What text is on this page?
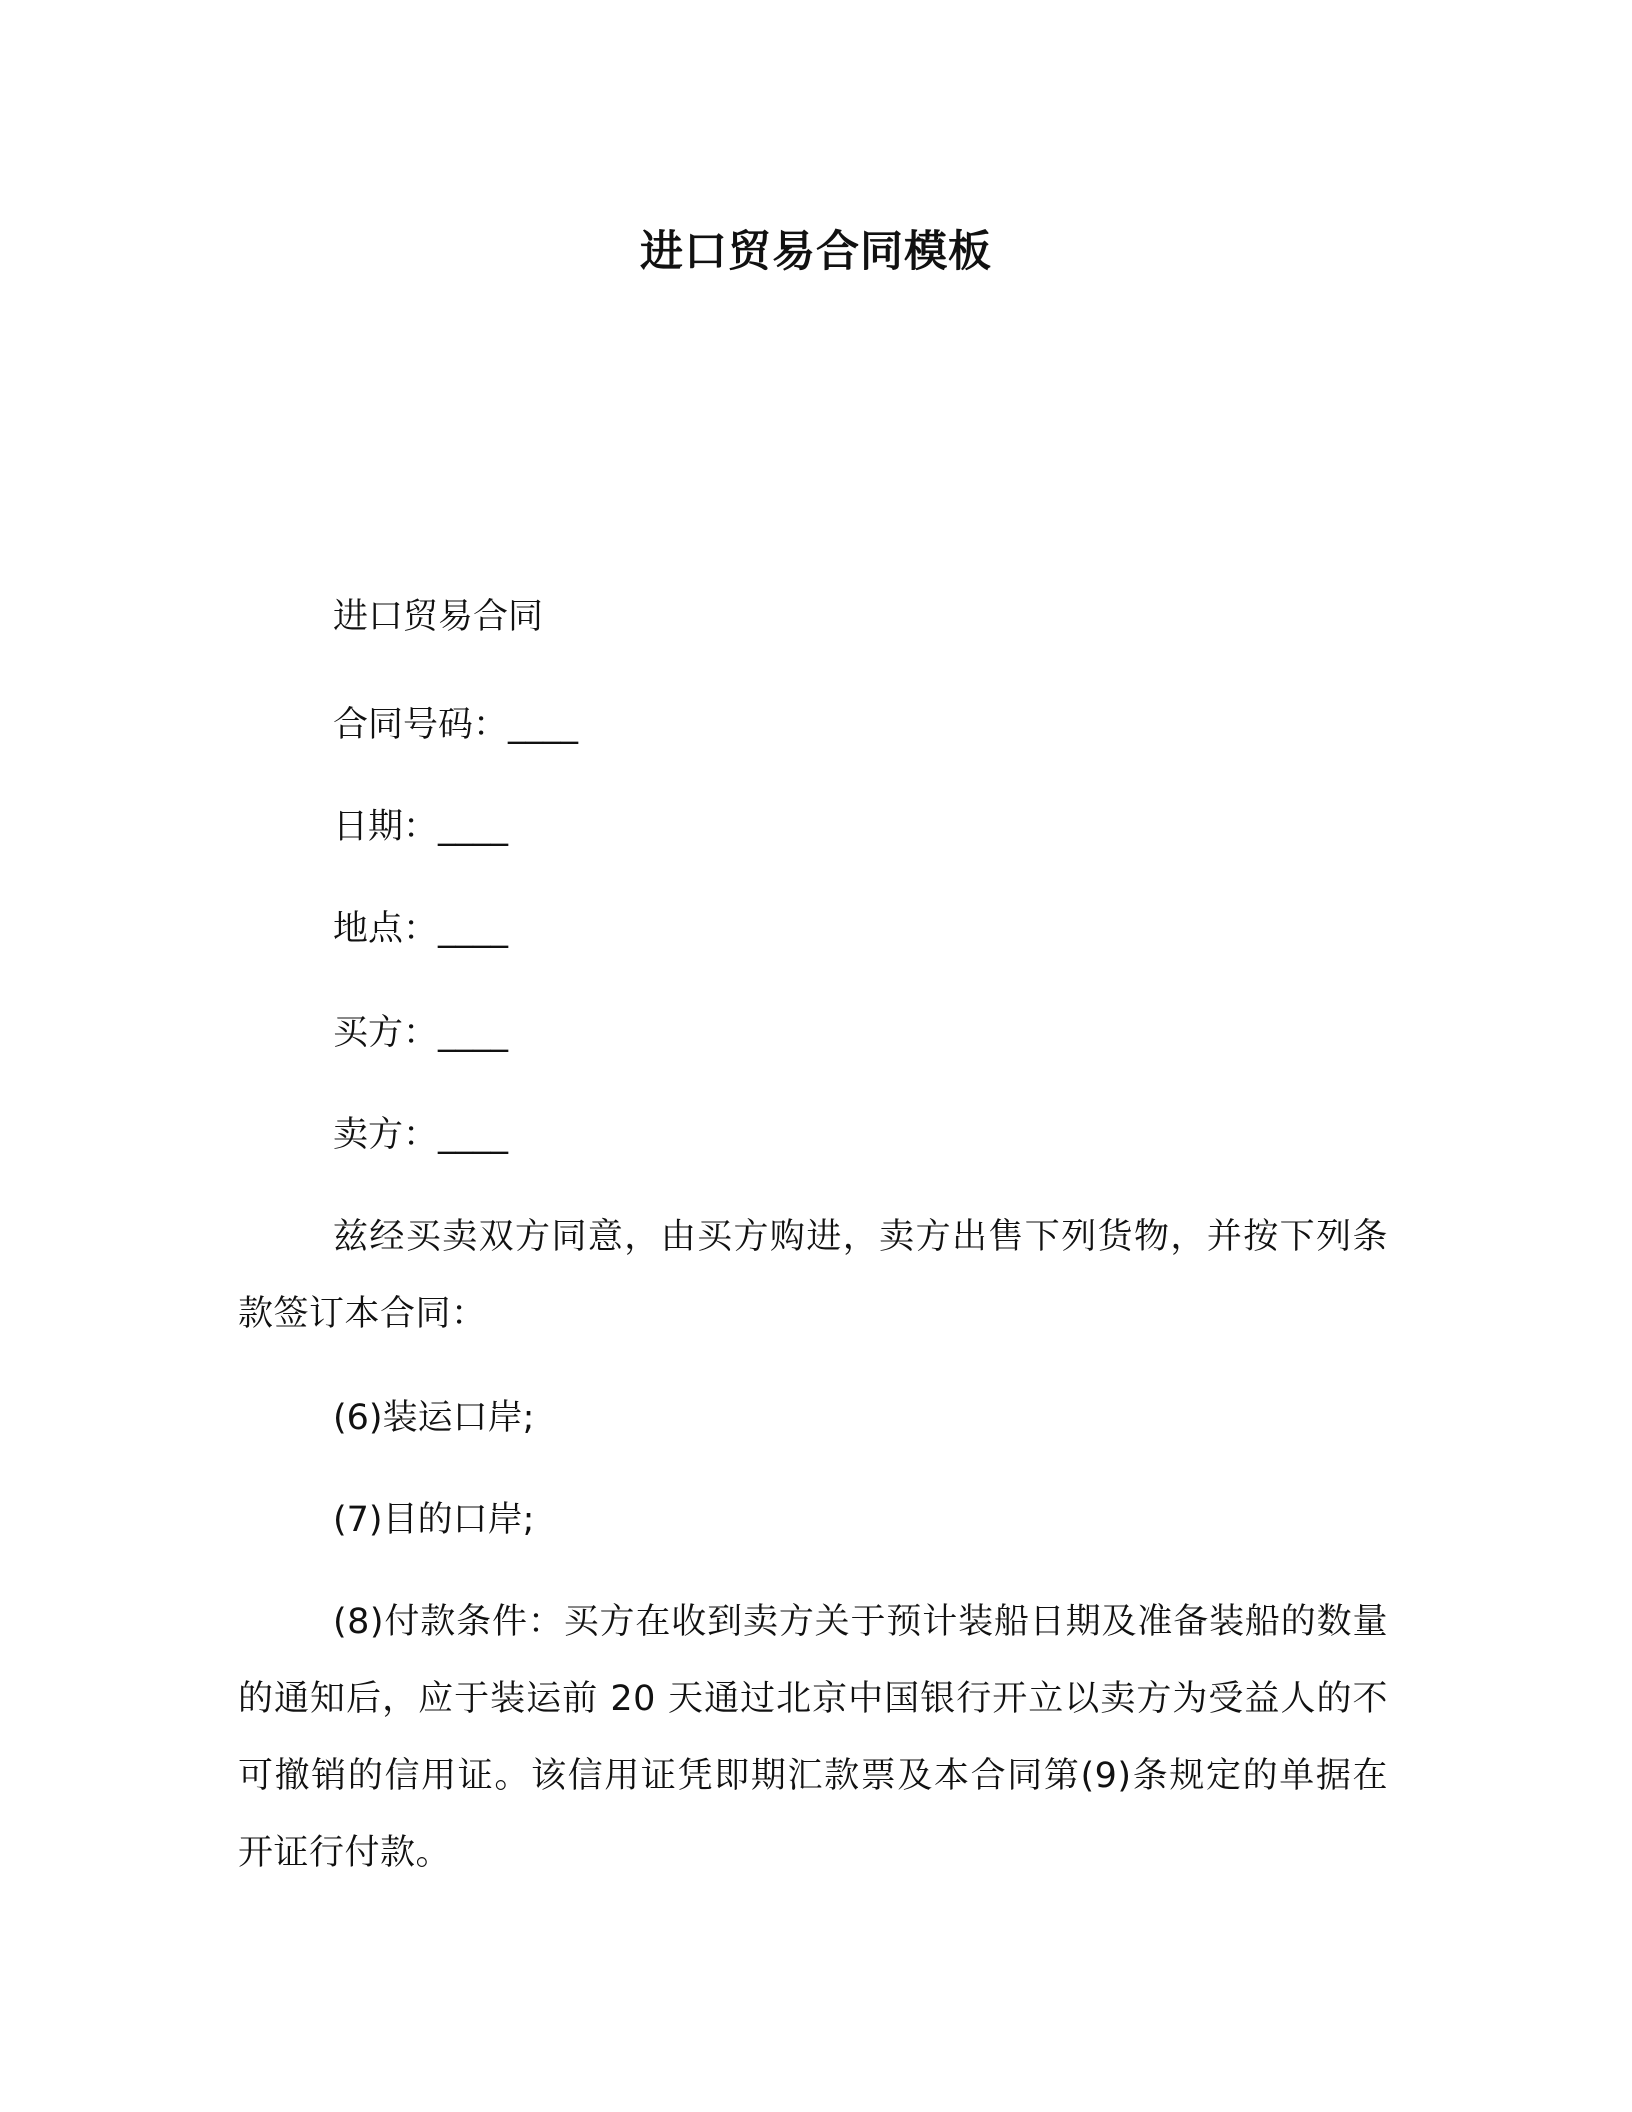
进口贸易合同模板
进口贸易合同
合同号码：____
日期：____
地点：____
买方：____
卖方：____
兹经买卖双方同意，由买方购进，卖方出售下列货物，并按下列条款签订本合同：
(6)装运口岸;
(7)目的口岸;
(8)付款条件：买方在收到卖方关于预计装船日期及准备装船的数量的通知后，应于装运前 20 天通过北京中国银行开立以卖方为受益人的不可撤销的信用证。该信用证凭即期汇款票及本合同第(9)条规定的单据在开证行付款。
